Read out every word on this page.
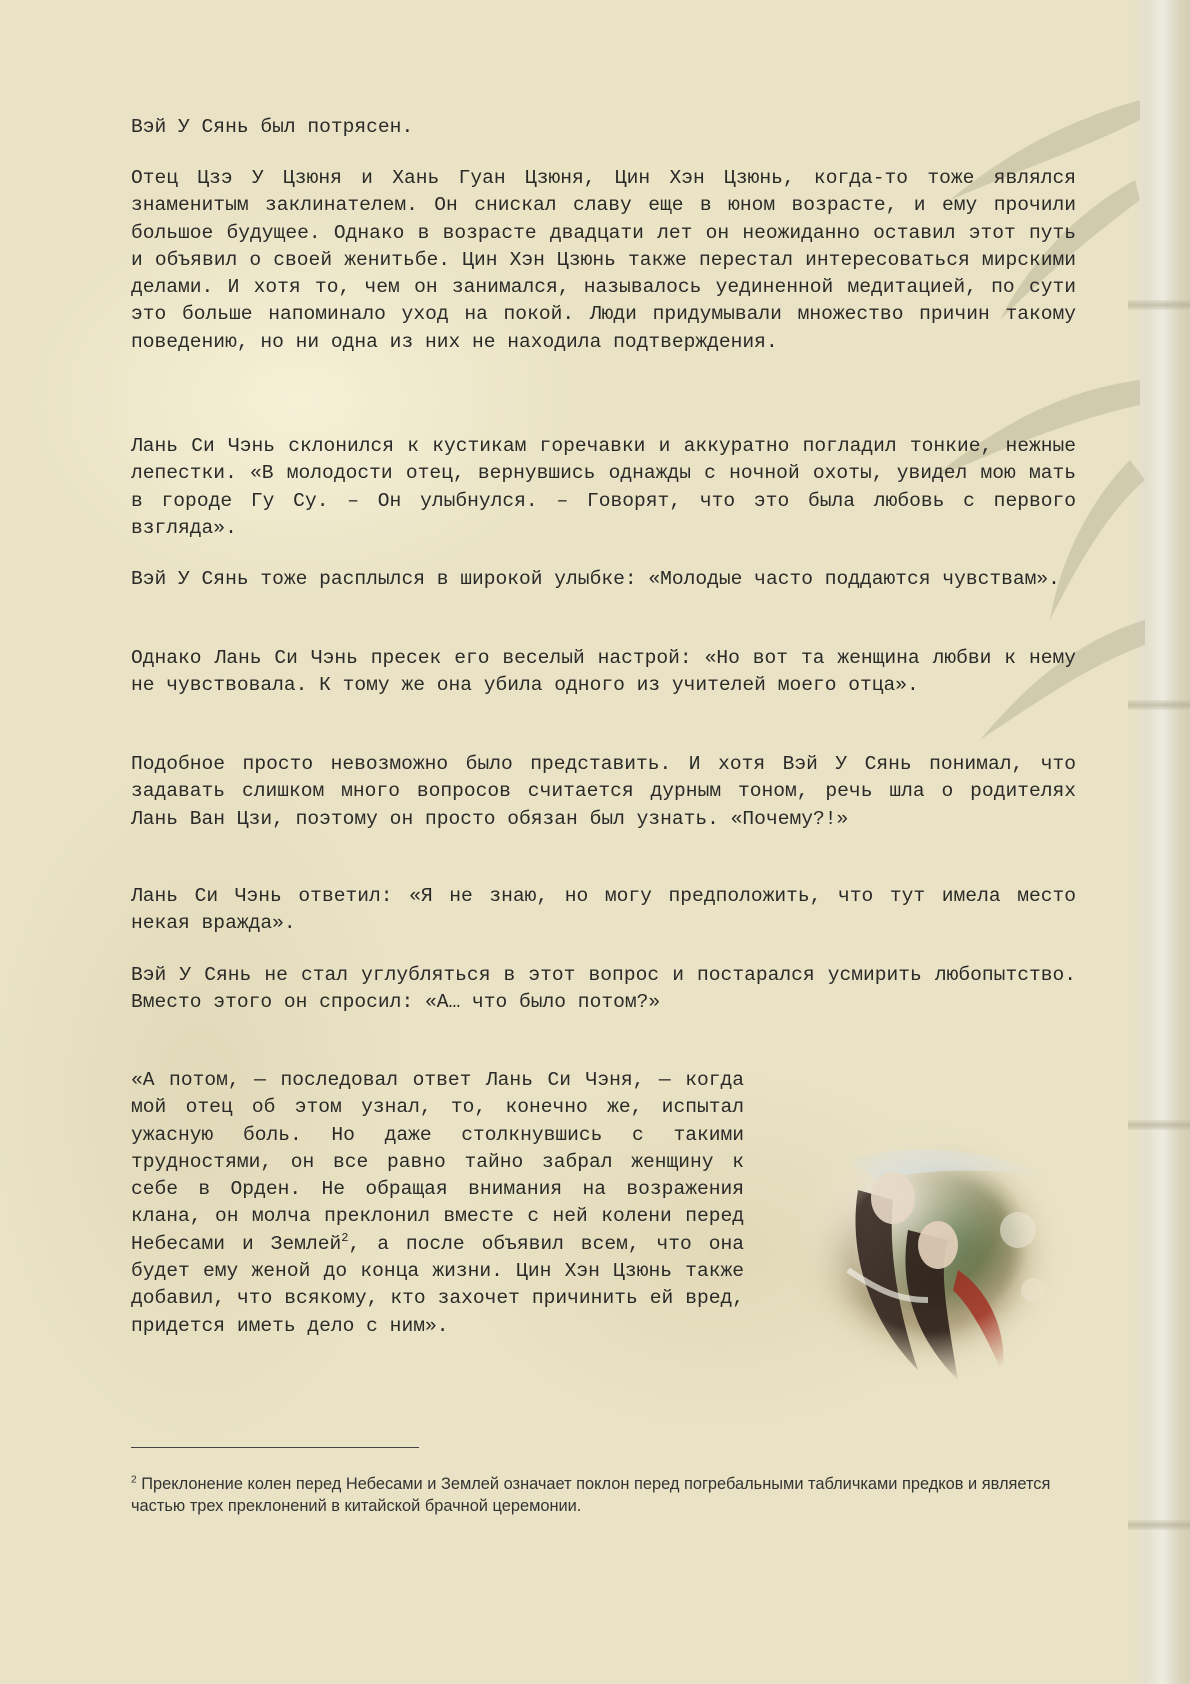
Вэй У Сянь был потрясен.

Отец Цзэ У Цзюня и Хань Гуан Цзюня, Цин Хэн Цзюнь, когда-то тоже являлся знаменитым заклинателем. Он снискал славу еще в юном возрасте, и ему прочили большое будущее. Однако в возрасте двадцати лет он неожиданно оставил этот путь и объявил о своей женитьбе. Цин Хэн Цзюнь также перестал интересоваться мирскими делами. И хотя то, чем он занимался, называлось уединенной медитацией, по сути это больше напоминало уход на покой. Люди придумывали множество причин такому поведению, но ни одна из них не находила подтверждения.

Лань Си Чэнь склонился к кустикам горечавки и аккуратно погладил тонкие, нежные лепестки. «В молодости отец, вернувшись однажды с ночной охоты, увидел мою мать в городе Гу Су. – Он улыбнулся. – Говорят, что это была любовь с первого взгляда».

Вэй У Сянь тоже расплылся в широкой улыбке: «Молодые часто поддаются чувствам».

Однако Лань Си Чэнь пресек его веселый настрой: «Но вот та женщина любви к нему не чувствовала. К тому же она убила одного из учителей моего отца».

Подобное просто невозможно было представить. И хотя Вэй У Сянь понимал, что задавать слишком много вопросов считается дурным тоном, речь шла о родителях Лань Ван Цзи, поэтому он просто обязан был узнать. «Почему?!»

Лань Си Чэнь ответил: «Я не знаю, но могу предположить, что тут имела место некая вражда».

Вэй У Сянь не стал углубляться в этот вопрос и постарался усмирить любопытство. Вместо этого он спросил: «А… что было потом?»

«А потом, — последовал ответ Лань Си Чэня, — когда мой отец об этом узнал, то, конечно же, испытал ужасную боль. Но даже столкнувшись с такими трудностями, он все равно тайно забрал женщину к себе в Орден. Не обращая внимания на возражения клана, он молча преклонил вместе с ней колени перед Небесами и Землей$^2$, а после объявил всем, что она будет ему женой до конца жизни. Цин Хэн Цзюнь также добавил, что всякому, кто захочет причинить ей вред, придется иметь дело с ним».

$^2$ Преклонение колен перед Небесами и Землей означает поклон перед погребальными табличками предков и является частью трех преклонений в китайской брачной церемонии.
